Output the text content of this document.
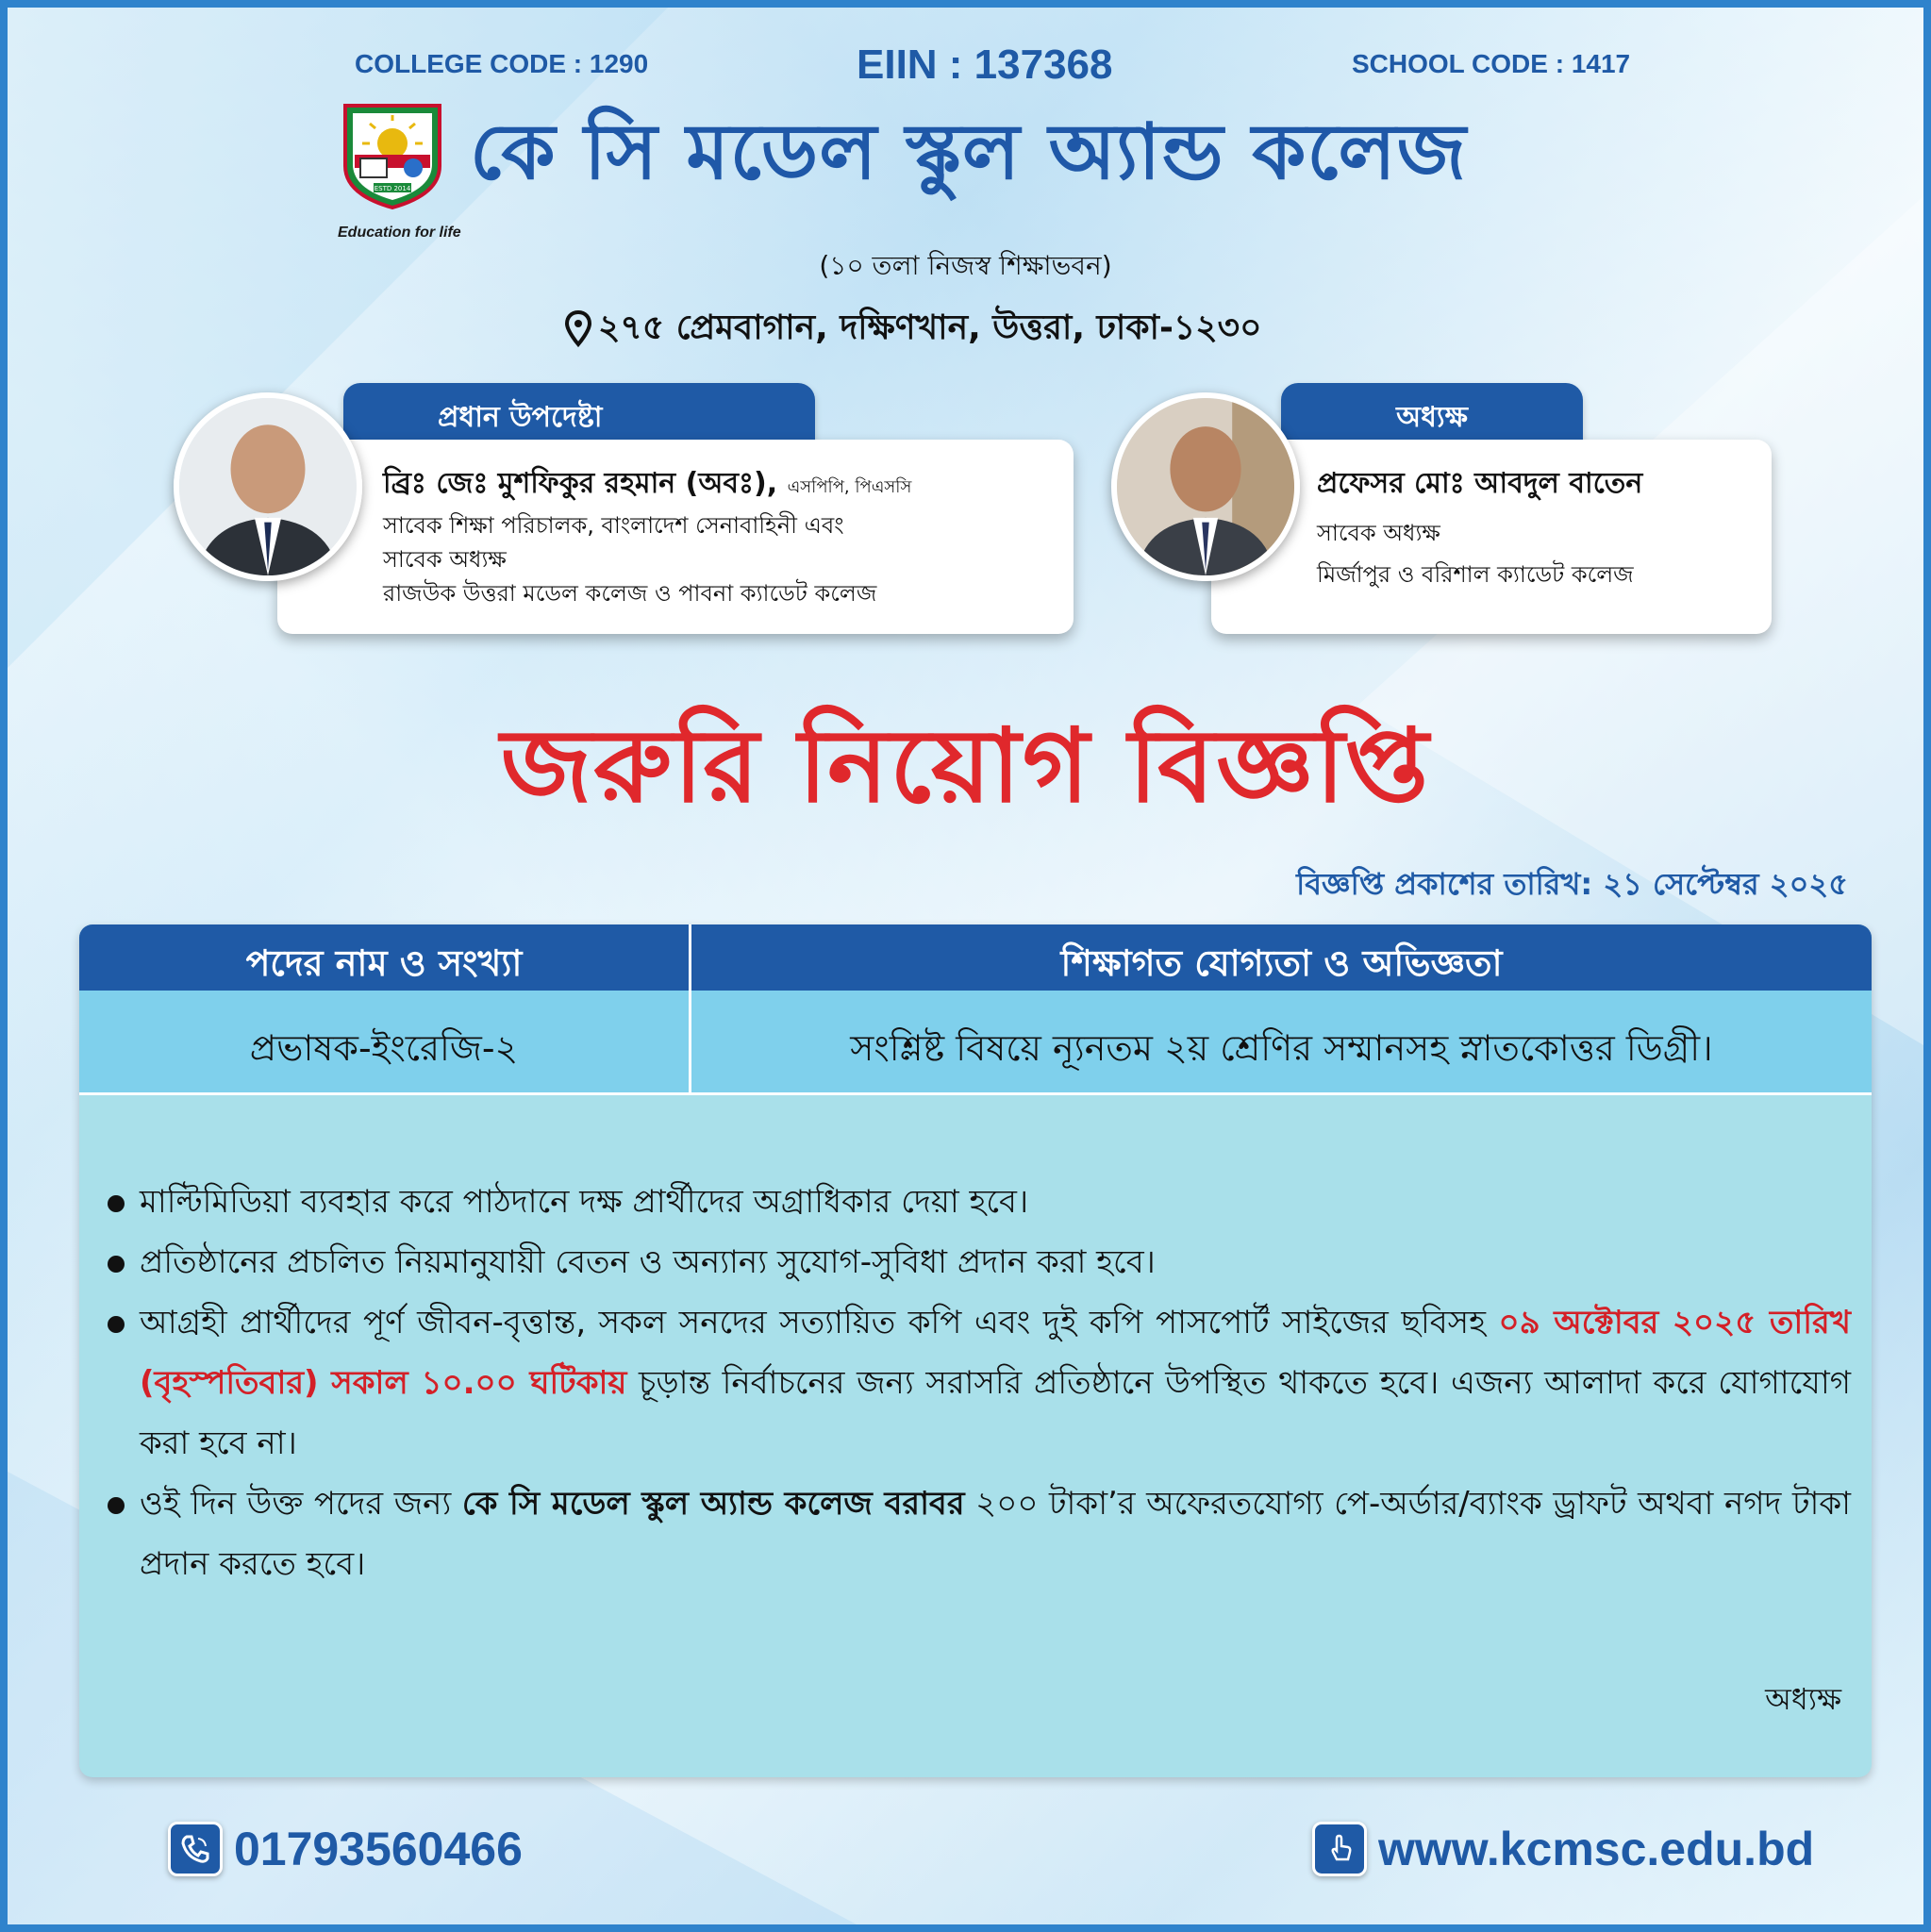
COLLEGE CODE : 1290	EIIN : 137368	SCHOOL CODE : 1417
ESTD 2014
Education for life
কে সি মডেল স্কুল অ্যান্ড কলেজ
(১০ তলা নিজস্ব শিক্ষাভবন)
২৭৫ প্রেমবাগান, দক্ষিণখান, উত্তরা, ঢাকা-১২৩০
প্রধান উপদেষ্টা
ব্রিঃ জেঃ মুশফিকুর রহমান (অবঃ), এসপিপি, পিএসসি
সাবেক শিক্ষা পরিচালক, বাংলাদেশ সেনাবাহিনী এবং
সাবেক অধ্যক্ষ
রাজউক উত্তরা মডেল কলেজ ও পাবনা ক্যাডেট কলেজ
অধ্যক্ষ
প্রফেসর মোঃ আবদুল বাতেন
সাবেক অধ্যক্ষ
মির্জাপুর ও বরিশাল ক্যাডেট কলেজ
জরুরি নিয়োগ বিজ্ঞপ্তি
বিজ্ঞপ্তি প্রকাশের তারিখ: ২১ সেপ্টেম্বর ২০২৫
পদের নাম ও সংখ্যা	শিক্ষাগত যোগ্যতা ও অভিজ্ঞতা
প্রভাষক-ইংরেজি-২	সংশ্লিষ্ট বিষয়ে ন্যূনতম ২য় শ্রেণির সম্মানসহ স্নাতকোত্তর ডিগ্রী।
মাল্টিমিডিয়া ব্যবহার করে পাঠদানে দক্ষ প্রার্থীদের অগ্রাধিকার দেয়া হবে।
প্রতিষ্ঠানের প্রচলিত নিয়মানুযায়ী বেতন ও অন্যান্য সুযোগ-সুবিধা প্রদান করা হবে।
আগ্রহী প্রার্থীদের পূর্ণ জীবন-বৃত্তান্ত, সকল সনদের সত্যায়িত কপি এবং দুই কপি পাসপোর্ট সাইজের ছবিসহ ০৯ অক্টোবর ২০২৫ তারিখ (বৃহস্পতিবার) সকাল ১০.০০ ঘটিকায় চূড়ান্ত নির্বাচনের জন্য সরাসরি প্রতিষ্ঠানে উপস্থিত থাকতে হবে। এজন্য আলাদা করে যোগাযোগ করা হবে না।
ওই দিন উক্ত পদের জন্য কে সি মডেল স্কুল অ্যান্ড কলেজ বরাবর ২০০ টাকা’র অফেরতযোগ্য পে-অর্ডার/ব্যাংক ড্রাফট অথবা নগদ টাকা প্রদান করতে হবে।
অধ্যক্ষ
01793560466	www.kcmsc.edu.bd
